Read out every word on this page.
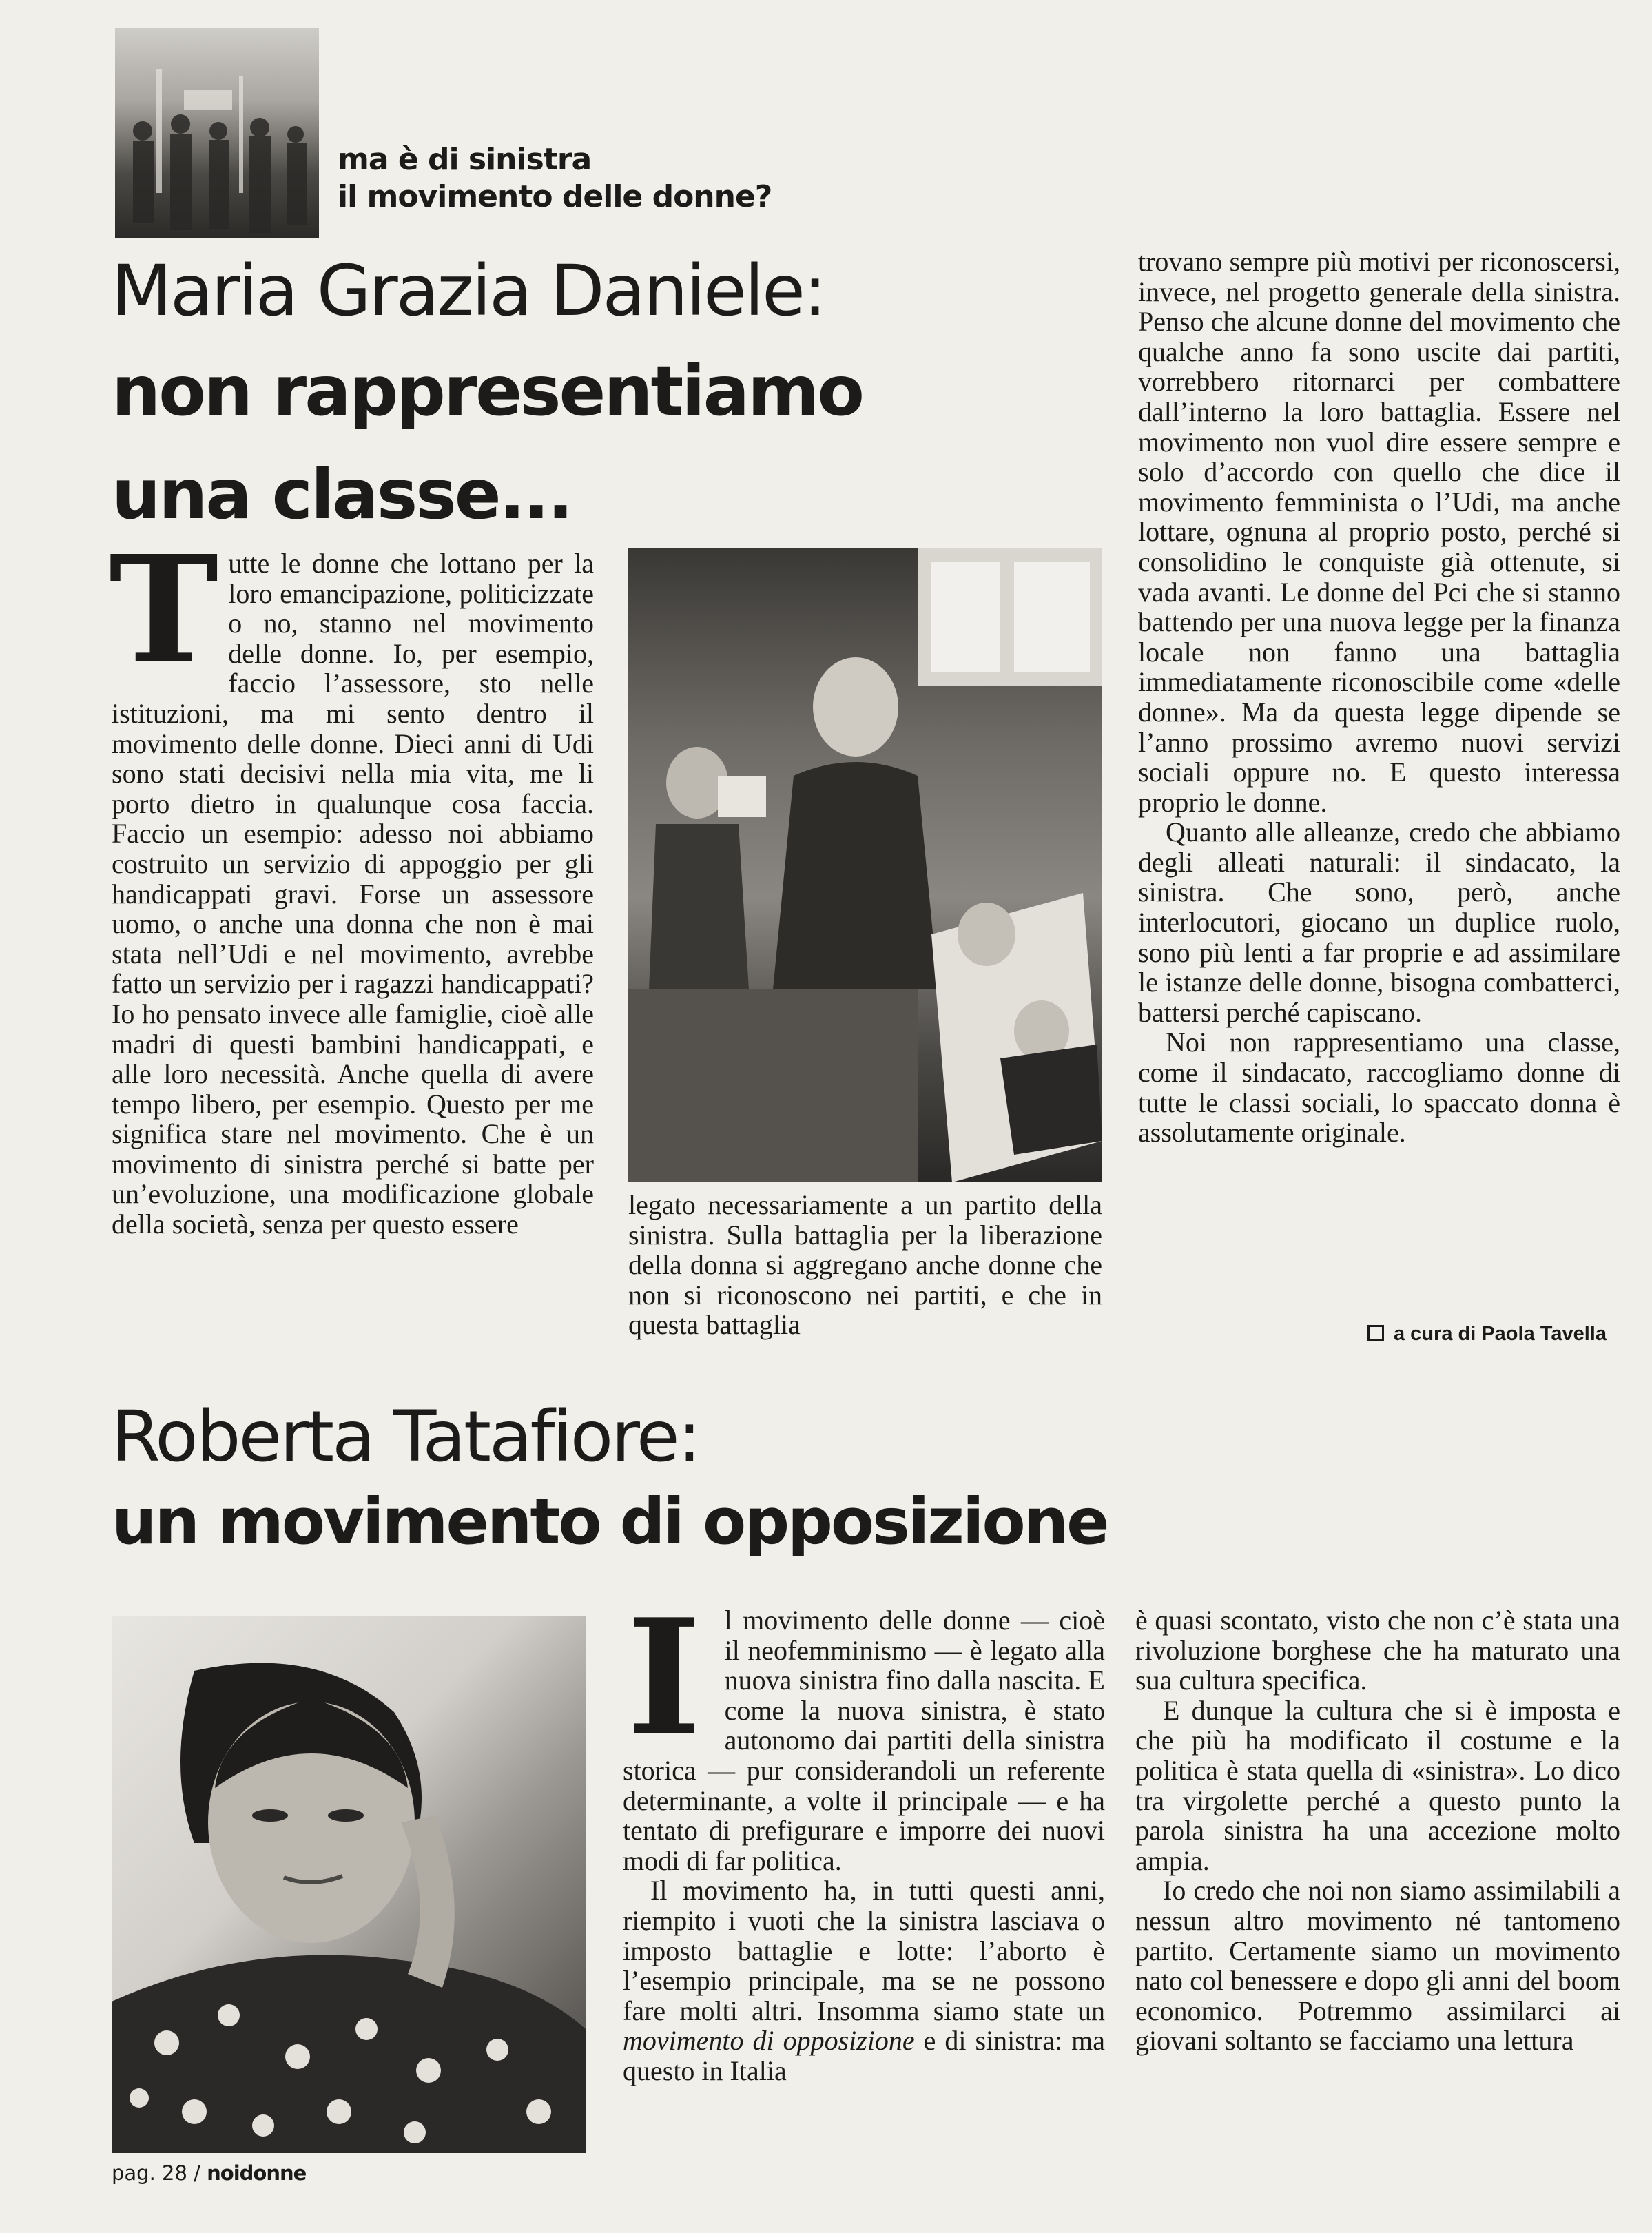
ma è di sinistra
il movimento delle donne?
Maria Grazia Daniele:
non rappresentiamo
una classe...

Tutte le donne che lottano per la loro emancipazione, politicizzate o no, stanno nel movimento delle donne. Io, per esempio, faccio l’assessore, sto nelle istituzioni, ma mi sento dentro il movimento delle donne. Dieci anni di Udi sono stati decisivi nella mia vita, me li porto dietro in qualunque cosa faccia. Faccio un esempio: adesso noi abbiamo costruito un servizio di appoggio per gli handicappati gravi. Forse un assessore uomo, o anche una donna che non è mai stata nell’Udi e nel movimento, avrebbe fatto un servizio per i ragazzi handicappati? Io ho pensato invece alle famiglie, cioè alle madri di questi bambini handicappati, e alle loro necessità. Anche quella di avere tempo libero, per esempio. Questo per me significa stare nel movimento. Che è un movimento di sinistra perché si batte per un’evoluzione, una modificazione globale della società, senza per questo essere

legato necessariamente a un partito della sinistra. Sulla battaglia per la liberazione della donna si aggregano anche donne che non si riconoscono nei partiti, e che in questa battaglia

trovano sempre più motivi per riconoscersi, invece, nel progetto generale della sinistra. Penso che alcune donne del movimento che qualche anno fa sono uscite dai partiti, vorrebbero ritornarci per combattere dall’interno la loro battaglia. Essere nel movimento non vuol dire essere sempre e solo d’accordo con quello che dice il movimento femminista o l’Udi, ma anche lottare, ognuna al proprio posto, perché si consolidino le conquiste già ottenute, si vada avanti. Le donne del Pci che si stanno battendo per una nuova legge per la finanza locale non fanno una battaglia immediatamente riconoscibile come «delle donne». Ma da questa legge dipende se l’anno prossimo avremo nuovi servizi sociali oppure no. E questo interessa proprio le donne.

Quanto alle alleanze, credo che abbiamo degli alleati naturali: il sindacato, la sinistra. Che sono, però, anche interlocutori, giocano un duplice ruolo, sono più lenti a far proprie e ad assimilare le istanze delle donne, bisogna combatterci, battersi perché capiscano.

Noi non rappresentiamo una classe, come il sindacato, raccogliamo donne di tutte le classi sociali, lo spaccato donna è assolutamente originale.

a cura di Paola Tavella
Roberta Tatafiore:
un movimento di opposizione

Il movimento delle donne — cioè il neofemminismo — è legato alla nuova sinistra fino dalla nascita. E come la nuova sinistra, è stato autonomo dai partiti della sinistra storica — pur considerandoli un referente determinante, a volte il principale — e ha tentato di prefigurare e imporre dei nuovi modi di far politica.

Il movimento ha, in tutti questi anni, riempito i vuoti che la sinistra lasciava o imposto battaglie e lotte: l’aborto è l’esempio principale, ma se ne possono fare molti altri. Insomma siamo state un movimento di opposizione e di sinistra: ma questo in Italia

è quasi scontato, visto che non c’è stata una rivoluzione borghese che ha maturato una sua cultura specifica.

E dunque la cultura che si è imposta e che più ha modificato il costume e la politica è stata quella di «sinistra». Lo dico tra virgolette perché a questo punto la parola sinistra ha una accezione molto ampia.

Io credo che noi non siamo assimilabili a nessun altro movimento né tantomeno partito. Certamente siamo un movimento nato col benessere e dopo gli anni del boom economico. Potremmo assimilarci ai giovani soltanto se facciamo una lettura

pag. 28 / noidonne
